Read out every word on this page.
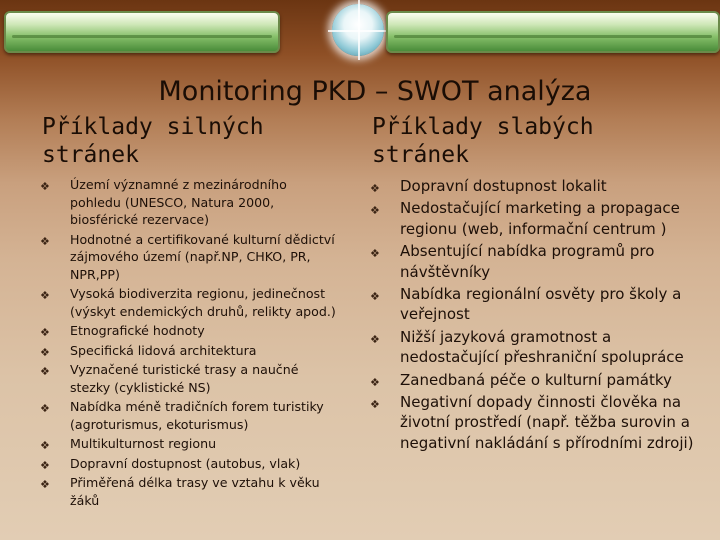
Monitoring PKD – SWOT analýza
Příklady silných
stránek
Příklady slabých
stránek
❖ Území významné z mezinárodního pohledu (UNESCO, Natura 2000, biosférické rezervace)
❖ Hodnotné a certifikované kulturní dědictví zájmového území (např.NP, CHKO, PR, NPR,PP)
❖ Vysoká biodiverzita regionu, jedinečnost (výskyt endemických druhů, relikty apod.)
❖ Etnografické hodnoty
❖ Specifická lidová architektura
❖ Vyznačené turistické trasy a naučné stezky (cyklistické NS)
❖ Nabídka méně tradičních forem turistiky (agroturismus, ekoturismus)
❖ Multikulturnost regionu
❖ Dopravní dostupnost (autobus, vlak)
❖ Přiměřená délka trasy ve vztahu k věku žáků
❖ Dopravní dostupnost lokalit
❖ Nedostačující marketing a propagace regionu (web, informační centrum )
❖ Absentující nabídka programů pro návštěvníky
❖ Nabídka regionální osvěty pro školy a veřejnost
❖ Nižší jazyková gramotnost a nedostačující přeshraniční spolupráce
❖ Zanedbaná péče o kulturní památky
❖ Negativní dopady činnosti člověka na životní prostředí (např. těžba surovin a negativní nakládání s přírodními zdroji)
